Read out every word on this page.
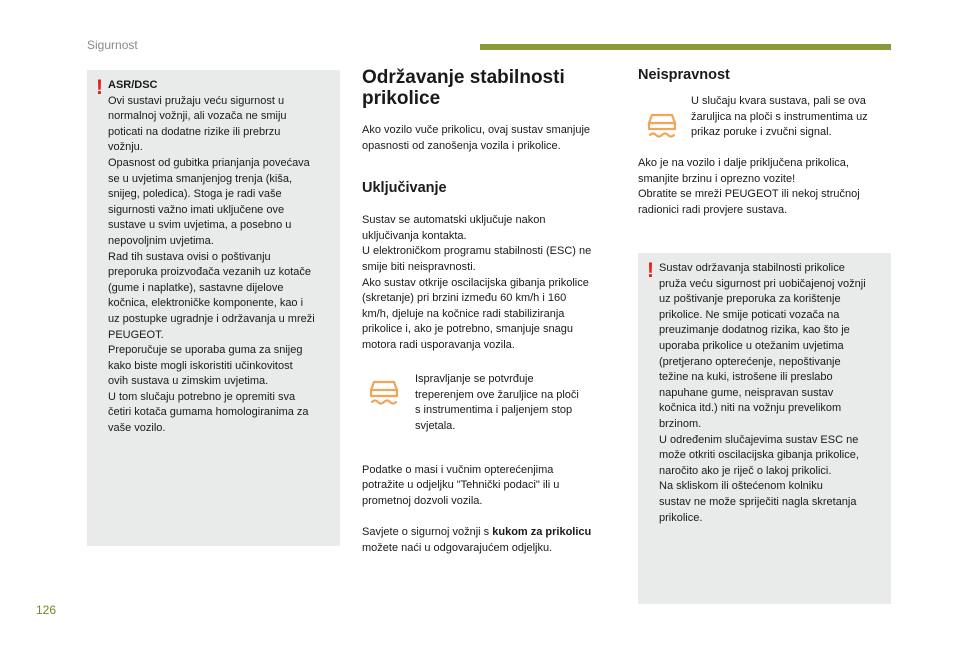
Sigurnost
! ASR/DSC
Ovi sustavi pružaju veću sigurnost u
normalnoj vožnji, ali vozača ne smiju
poticati na dodatne rizike ili prebrzu
vožnju.
Opasnost od gubitka prianjanja povećava
se u uvjetima smanjenjog trenja (kiša,
snijeg, poledica). Stoga je radi vaše
sigurnosti važno imati uključene ove
sustave u svim uvjetima, a posebno u
nepovoljnim uvjetima.
Rad tih sustava ovisi o poštivanju
preporuka proizvođača vezanih uz kotače
(gume i naplatke), sastavne dijelove
kočnica, elektroničke komponente, kao i
uz postupke ugradnje i održavanja u mreži
PEUGEOT.
Preporučuje se uporaba guma za snijeg
kako biste mogli iskoristiti učinkovitost
ovih sustava u zimskim uvjetima.
U tom slučaju potrebno je opremiti sva
četiri kotača gumama homologiranima za
vaše vozilo.
Održavanje stabilnosti
prikolice

Ako vozilo vuče prikolicu, ovaj sustav smanjuje
opasnosti od zanošenja vozila i prikolice.

Uključivanje

Sustav se automatski uključuje nakon
uključivanja kontakta.
U elektroničkom programu stabilnosti (ESC) ne
smije biti neispravnosti.
Ako sustav otkrije oscilacijska gibanja prikolice
(skretanje) pri brzini između 60 km/h i 160
km/h, djeluje na kočnice radi stabiliziranja
prikolice i, ako je potrebno, smanjuje snagu
motora radi usporavanja vozila.

Ispravljanje se potvrđuje
treperenjem ove žaruljice na ploči
s instrumentima i paljenjem stop
svjetala.

Podatke o masi i vučnim opterećenjima
potražite u odjeljku "Tehnički podaci" ili u
prometnoj dozvoli vozila.

Savjete o sigurnoj vožnji s kukom za prikolicu
možete naći u odgovarajućem odjeljku.

Neispravnost
U slučaju kvara sustava, pali se ova
žaruljica na ploči s instrumentima uz
prikaz poruke i zvučni signal.
Ako je na vozilo i dalje priključena prikolica,
smanjite brzinu i oprezno vozite!
Obratite se mreži PEUGEOT ili nekoj stručnoj
radionici radi provjere sustava.
! Sustav održavanja stabilnosti prikolice
pruža veću sigurnost pri uobičajenoj vožnji
uz poštivanje preporuka za korištenje
prikolice. Ne smije poticati vozača na
preuzimanje dodatnog rizika, kao što je
uporaba prikolice u otežanim uvjetima
(pretjerano opterećenje, nepoštivanje
težine na kuki, istrošene ili preslabo
napuhane gume, neispravan sustav
kočnica itd.) niti na vožnju prevelikom
brzinom.
U određenim slučajevima sustav ESC ne
može otkriti oscilacijska gibanja prikolice,
naročito ako je riječ o lakoj prikolici.
Na skliskom ili oštećenom kolniku
sustav ne može spriječiti nagla skretanja
prikolice.
126
